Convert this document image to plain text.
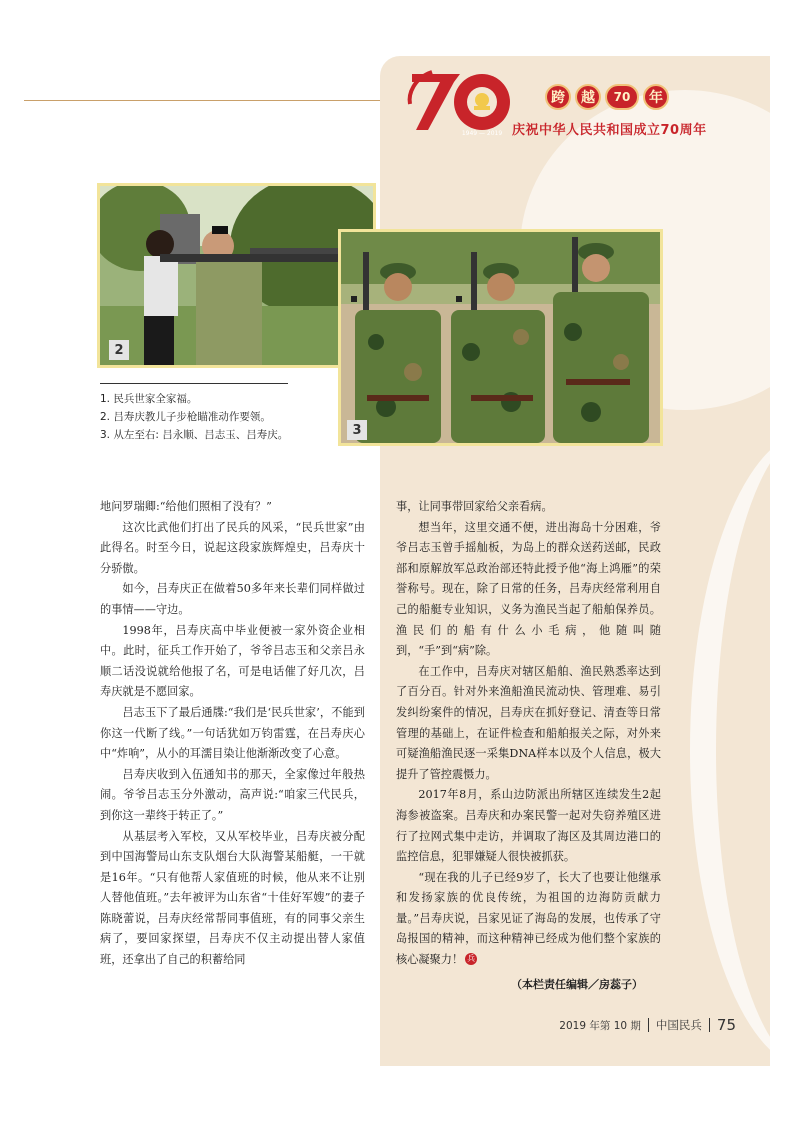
1949 — 2019
跨	越	70	年
庆祝中华人民共和国成立70周年
2
3
1. 民兵世家全家福。
2. 吕寿庆教儿子步枪瞄准动作要领。
3. 从左至右: 吕永顺、吕志玉、吕寿庆。

地问罗瑞卿:“给他们照相了没有？”

这次比武他们打出了民兵的风采，“民兵世家”由此得名。时至今日，说起这段家族辉煌史，吕寿庆十分骄傲。

如今，吕寿庆正在做着50多年来长辈们同样做过的事情——守边。

1998年，吕寿庆高中毕业便被一家外资企业相中。此时，征兵工作开始了，爷爷吕志玉和父亲吕永顺二话没说就给他报了名，可是电话催了好几次，吕寿庆就是不愿回家。

吕志玉下了最后通牒:“我们是‘民兵世家’，不能到你这一代断了线。”一句话犹如万钧雷霆，在吕寿庆心中“炸响”，从小的耳濡目染让他渐渐改变了心意。

吕寿庆收到入伍通知书的那天，全家像过年般热闹。爷爷吕志玉分外激动，高声说:“咱家三代民兵，到你这一辈终于转正了。”

从基层考入军校，又从军校毕业，吕寿庆被分配到中国海警局山东支队烟台大队海警某船艇，一干就是16年。“只有他帮人家值班的时候，他从来不让别人替他值班。”去年被评为山东省“十佳好军嫂”的妻子陈晓蕾说，吕寿庆经常帮同事值班，有的同事父亲生病了，要回家探望，吕寿庆不仅主动提出替人家值班，还拿出了自己的积蓄给同

事，让同事带回家给父亲看病。

想当年，这里交通不便，进出海岛十分困难，爷爷吕志玉曾手摇舢板，为岛上的群众送药送邮，民政部和原解放军总政治部还特此授予他“海上鸿雁”的荣誉称号。现在，除了日常的任务，吕寿庆经常利用自己的船艇专业知识，义务为渔民当起了船舶保养员。渔民们的船有什么小毛病，他随叫随到，“手”到“病”除。

在工作中，吕寿庆对辖区船舶、渔民熟悉率达到了百分百。针对外来渔船渔民流动快、管理难、易引发纠纷案件的情况，吕寿庆在抓好登记、清查等日常管理的基础上，在证件检查和船舶报关之际，对外来可疑渔船渔民逐一采集DNA样本以及个人信息，极大提升了管控震慑力。

2017年8月，系山边防派出所辖区连续发生2起海参被盗案。吕寿庆和办案民警一起对失窃养殖区进行了拉网式集中走访，并调取了海区及其周边港口的监控信息，犯罪嫌疑人很快被抓获。

“现在我的儿子已经9岁了，长大了也要让他继承和发扬家族的优良传统，为祖国的边海防贡献力量。”吕寿庆说，吕家见证了海岛的发展，也传承了守岛报国的精神，而这种精神已经成为他们整个家族的核心凝聚力！ 兵

（本栏责任编辑／房蕊子）
2019 年第 10 期 中国民兵 75
